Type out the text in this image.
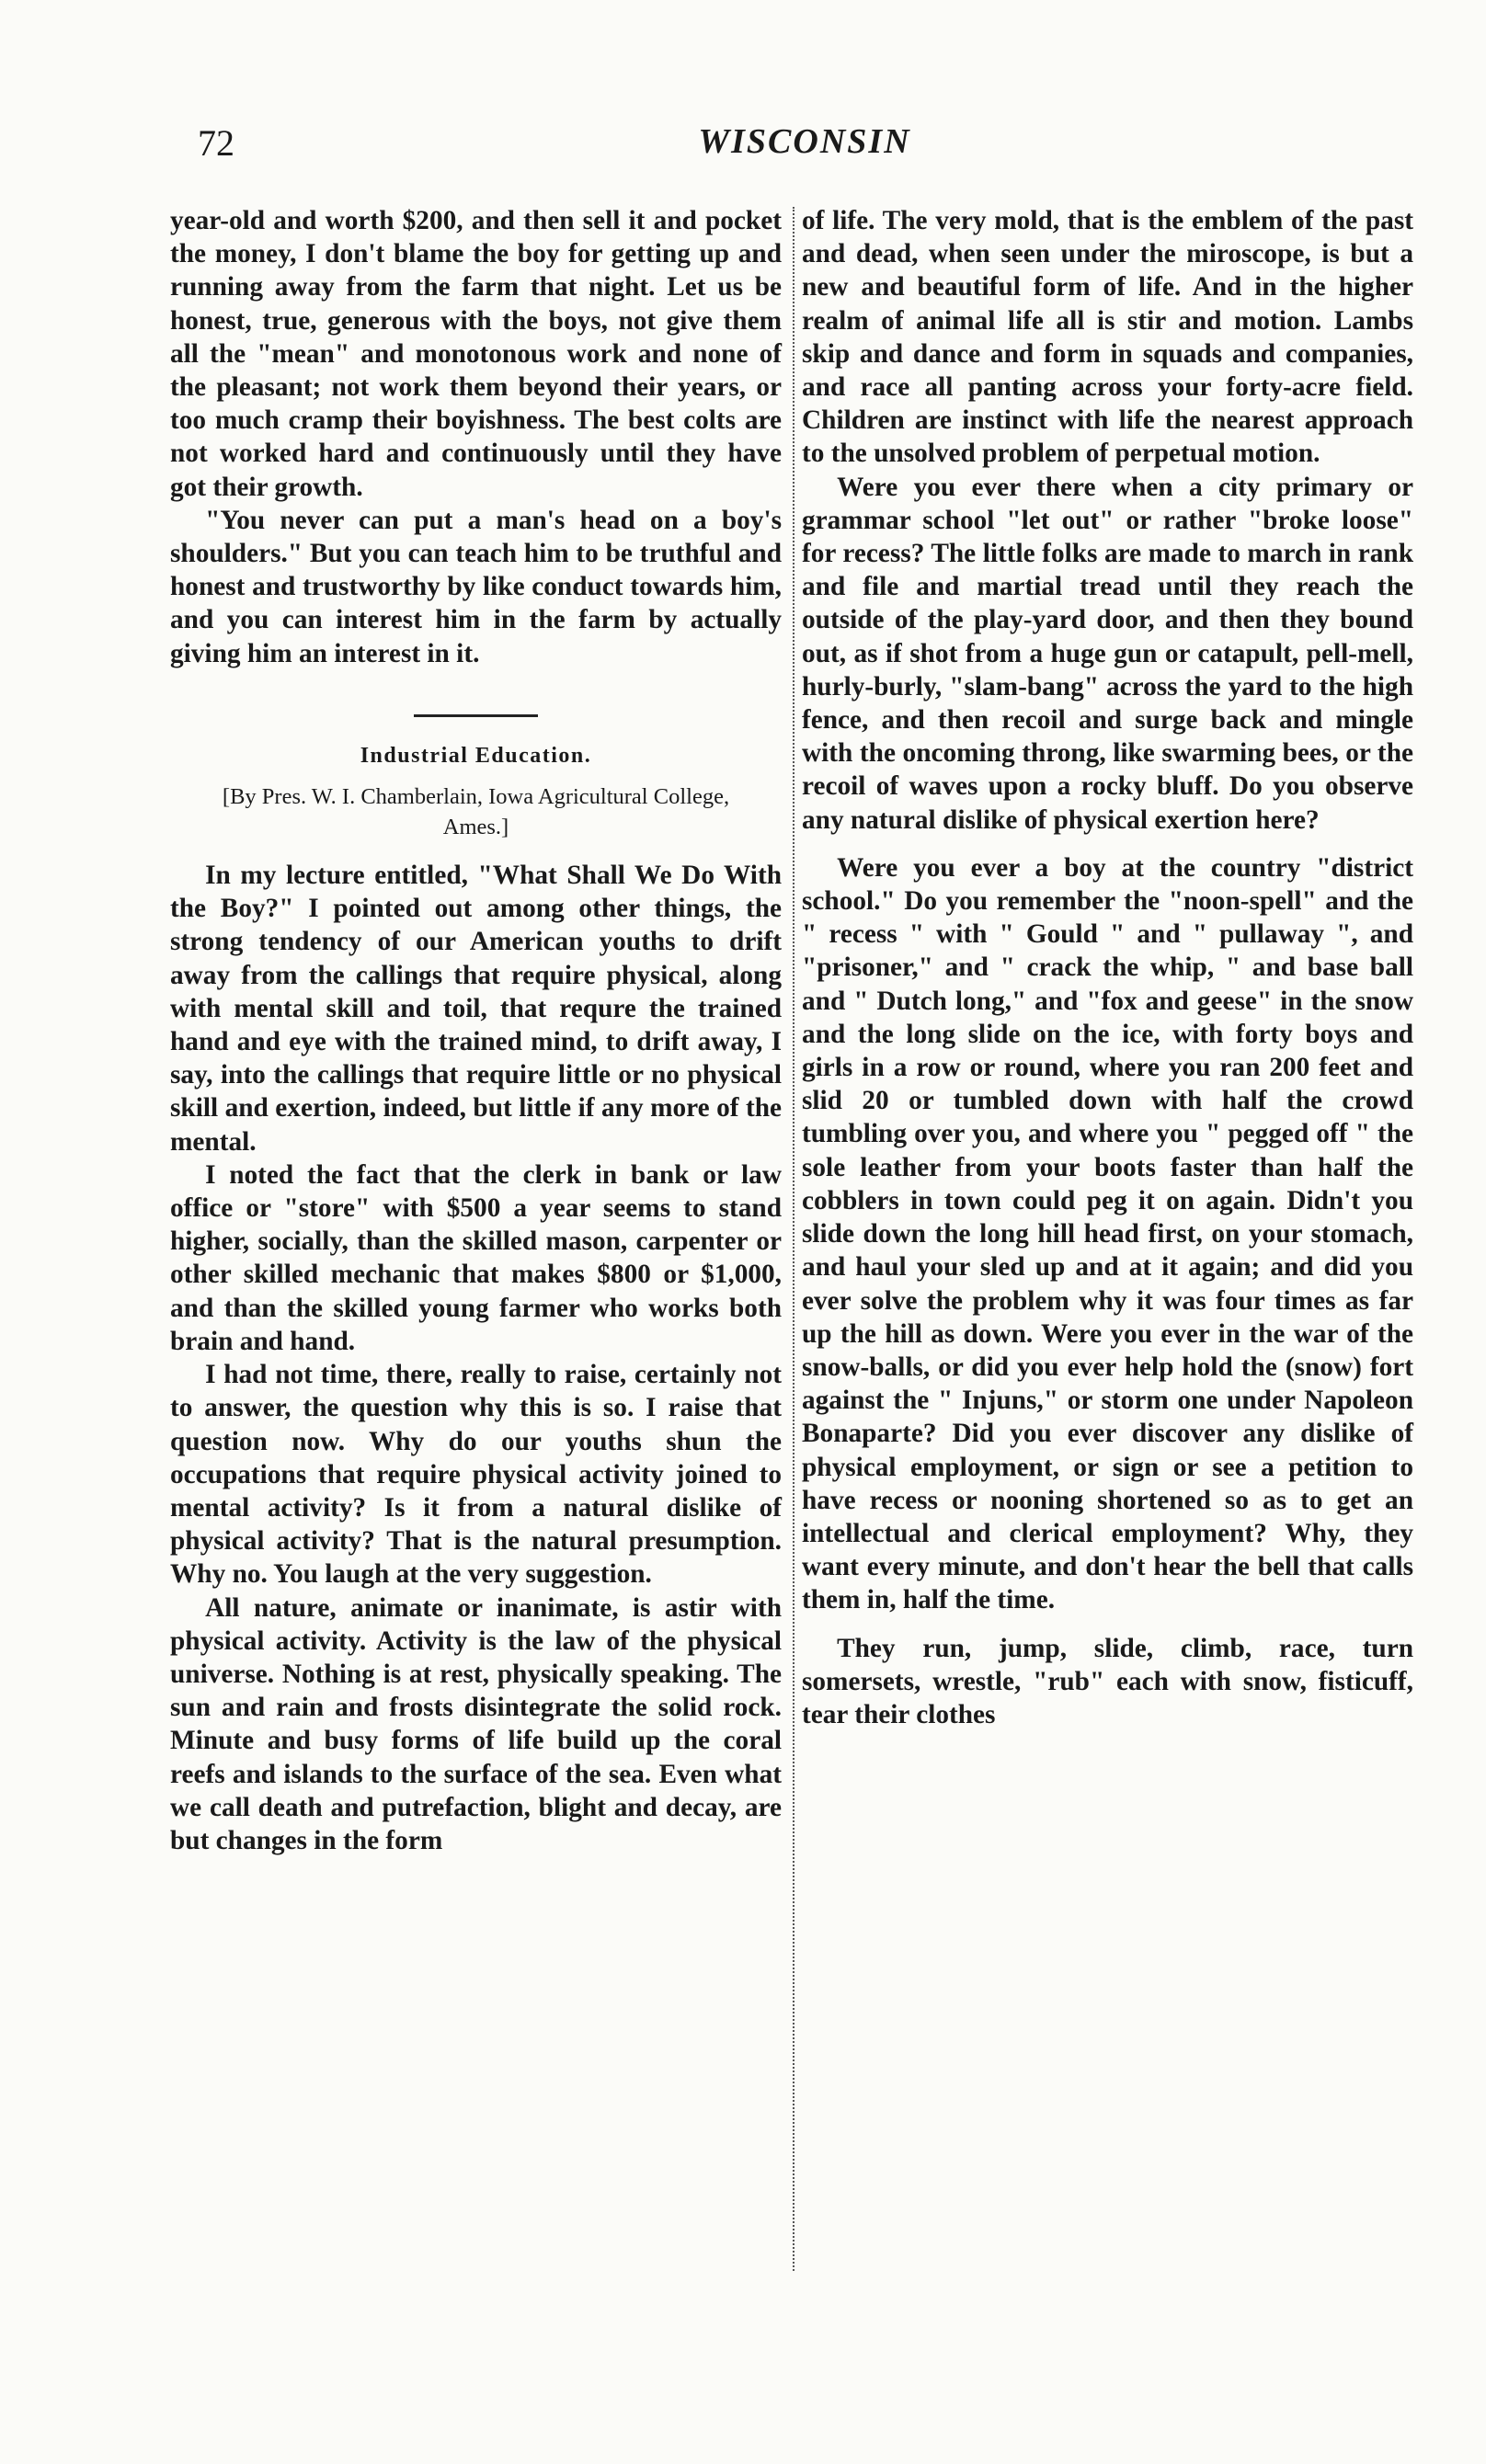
72	WISCONSIN

year-old and worth $200, and then sell it and pocket the money, I don't blame the boy for getting up and running away from the farm that night. Let us be honest, true, generous with the boys, not give them all the "mean" and monotonous work and none of the pleasant; not work them beyond their years, or too much cramp their boyishness. The best colts are not worked hard and continuously until they have got their growth.

"You never can put a man's head on a boy's shoulders." But you can teach him to be truthful and honest and trustworthy by like conduct towards him, and you can interest him in the farm by actually giving him an interest in it.

Industrial Education.

[By Pres. W. I. Chamberlain, Iowa Agricultural College, Ames.]

In my lecture entitled, "What Shall We Do With the Boy?" I pointed out among other things, the strong tendency of our American youths to drift away from the callings that require physical, along with mental skill and toil, that requre the trained hand and eye with the trained mind, to drift away, I say, into the callings that require little or no physical skill and exertion, indeed, but little if any more of the mental.

I noted the fact that the clerk in bank or law office or "store" with $500 a year seems to stand higher, socially, than the skilled mason, carpenter or other skilled mechanic that makes $800 or $1,000, and than the skilled young farmer who works both brain and hand.

I had not time, there, really to raise, certainly not to answer, the question why this is so. I raise that question now. Why do our youths shun the occupations that require physical activity joined to mental activity? Is it from a natural dislike of physical activity? That is the natural presumption. Why no. You laugh at the very suggestion.

All nature, animate or inanimate, is astir with physical activity. Activity is the law of the physical universe. Nothing is at rest, physically speaking. The sun and rain and frosts disintegrate the solid rock. Minute and busy forms of life build up the coral reefs and islands to the surface of the sea. Even what we call death and putrefaction, blight and decay, are but changes in the form

of life. The very mold, that is the emblem of the past and dead, when seen under the miroscope, is but a new and beautiful form of life. And in the higher realm of animal life all is stir and motion. Lambs skip and dance and form in squads and companies, and race all panting across your forty-acre field. Children are instinct with life the nearest approach to the unsolved problem of perpetual motion.

Were you ever there when a city primary or grammar school "let out" or rather "broke loose" for recess? The little folks are made to march in rank and file and martial tread until they reach the outside of the play-yard door, and then they bound out, as if shot from a huge gun or catapult, pell-mell, hurly-burly, "slam-bang" across the yard to the high fence, and then recoil and surge back and mingle with the oncoming throng, like swarming bees, or the recoil of waves upon a rocky bluff. Do you observe any natural dislike of physical exertion here?

Were you ever a boy at the country "district school." Do you remember the "noon-spell" and the " recess " with " Gould " and " pullaway ", and "prisoner," and " crack the whip, " and base ball and " Dutch long," and "fox and geese" in the snow and the long slide on the ice, with forty boys and girls in a row or round, where you ran 200 feet and slid 20 or tumbled down with half the crowd tumbling over you, and where you " pegged off " the sole leather from your boots faster than half the cobblers in town could peg it on again. Didn't you slide down the long hill head first, on your stomach, and haul your sled up and at it again; and did you ever solve the problem why it was four times as far up the hill as down. Were you ever in the war of the snow-balls, or did you ever help hold the (snow) fort against the " Injuns," or storm one under Napoleon Bonaparte? Did you ever discover any dislike of physical employment, or sign or see a petition to have recess or nooning shortened so as to get an intellectual and clerical employment? Why, they want every minute, and don't hear the bell that calls them in, half the time.

They run, jump, slide, climb, race, turn somersets, wrestle, "rub" each with snow, fisticuff, tear their clothes
